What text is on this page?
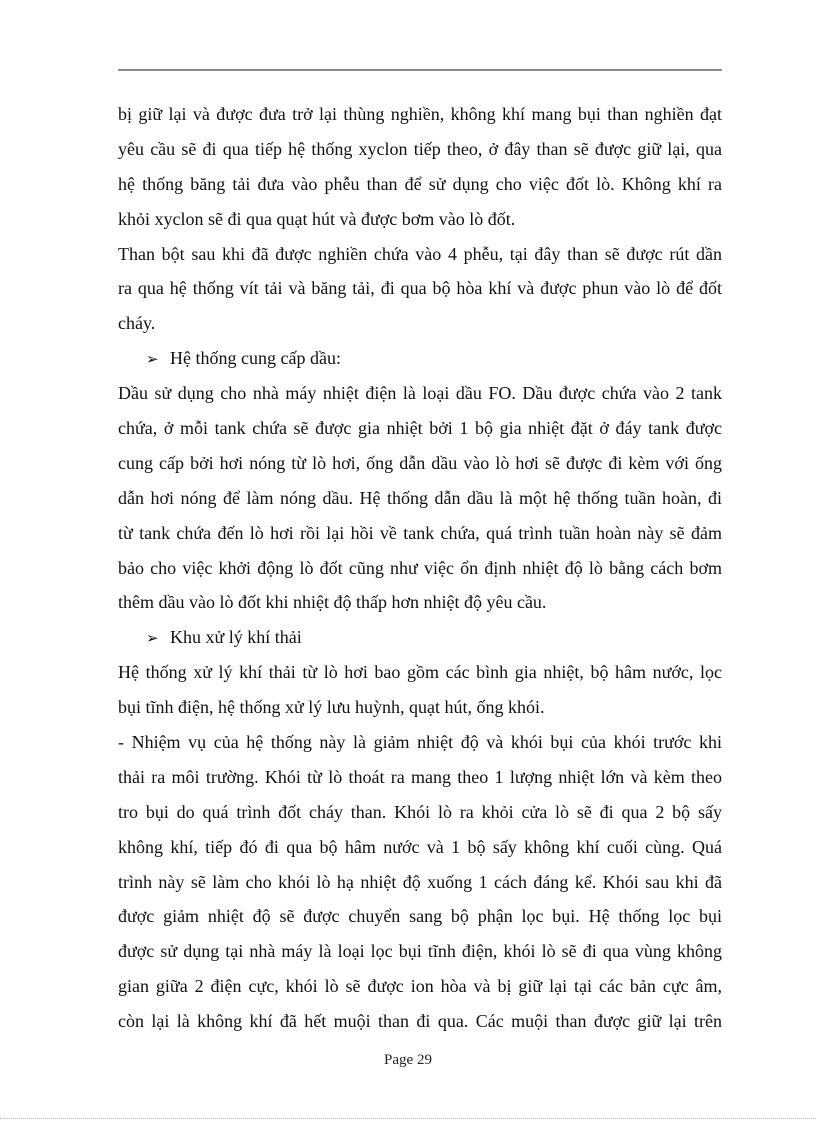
bị giữ lại và được đưa trở lại thùng nghiền, không khí mang bụi than nghiền đạt
yêu cầu sẽ đi qua tiếp hệ thống xyclon tiếp theo, ở đây than sẽ được giữ lại, qua
hệ thống băng tải đưa vào phễu than để sử dụng cho việc đốt lò. Không khí ra
khỏi xyclon sẽ đi qua quạt hút và được bơm vào lò đốt.
Than bột sau khi đã được nghiền chứa vào 4 phễu, tại đây than sẽ được rút dần
ra qua hệ thống vít tải và băng tải, đi qua bộ hòa khí và được phun vào lò để đốt
cháy.
➢ Hệ thống cung cấp dầu:
Dầu sử dụng cho nhà máy nhiệt điện là loại dầu FO. Dầu được chứa vào 2 tank
chứa, ở mỗi tank chứa sẽ được gia nhiệt bởi 1 bộ gia nhiệt đặt ở đáy tank được
cung cấp bởi hơi nóng từ lò hơi, ống dẫn dầu vào lò hơi sẽ được đi kèm với ống
dẫn hơi nóng để làm nóng dầu. Hệ thống dẫn dầu là một hệ thống tuần hoàn, đi
từ tank chứa đến lò hơi rồi lại hồi về tank chứa, quá trình tuần hoàn này sẽ đảm
bảo cho việc khởi động lò đốt cũng như việc ổn định nhiệt độ lò bằng cách bơm
thêm dầu vào lò đốt khi nhiệt độ thấp hơn nhiệt độ yêu cầu.
➢ Khu xử lý khí thải
Hệ thống xử lý khí thải từ lò hơi bao gồm các bình gia nhiệt, bộ hâm nước, lọc
bụi tĩnh điện, hệ thống xử lý lưu huỳnh, quạt hút, ống khói.
- Nhiệm vụ của hệ thống này là giảm nhiệt độ và khói bụi của khói trước khi
thải ra môi trường. Khói từ lò thoát ra mang theo 1 lượng nhiệt lớn và kèm theo
tro bụi do quá trình đốt cháy than. Khói lò ra khỏi cửa lò sẽ đi qua 2 bộ sấy
không khí, tiếp đó đi qua bộ hâm nước và 1 bộ sấy không khí cuối cùng. Quá
trình này sẽ làm cho khói lò hạ nhiệt độ xuống 1 cách đáng kể. Khói sau khi đã
được giảm nhiệt độ sẽ được chuyển sang bộ phận lọc bụi. Hệ thống lọc bụi
được sử dụng tại nhà máy là loại lọc bụi tĩnh điện, khói lò sẽ đi qua vùng không
gian giữa 2 điện cực, khói lò sẽ được ion hòa và bị giữ lại tại các bản cực âm,
còn lại là không khí đã hết muội than đi qua. Các muội than được giữ lại trên
Page 29
